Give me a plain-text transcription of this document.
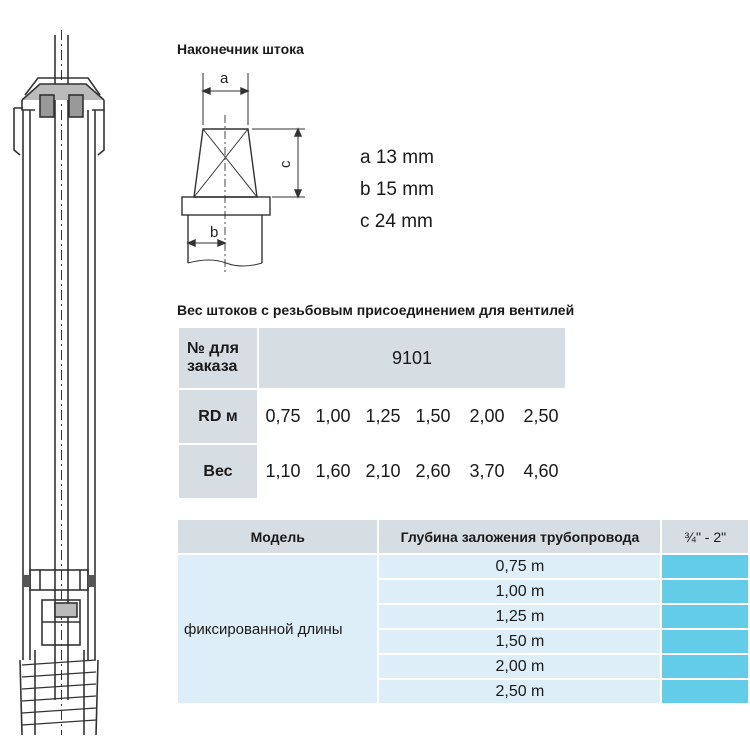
Наконечник штока
a
b
c	a 13 mm
b 15 mm
c 24 mm
Вес штоков с резьбовым присоединением для вентилей
№ для
заказа	9101					
RD м	0,75	1,00	1,25	1,50	2,00	2,50
Вес	1,10	1,60	2,10	2,60	3,70	4,60
Модель	Глубина заложения трубопровода	¾" - 2"
фиксированной длины	0,75 m	
	1,00 m	
	1,25 m	
	1,50 m	
	2,00 m	
	2,50 m	
